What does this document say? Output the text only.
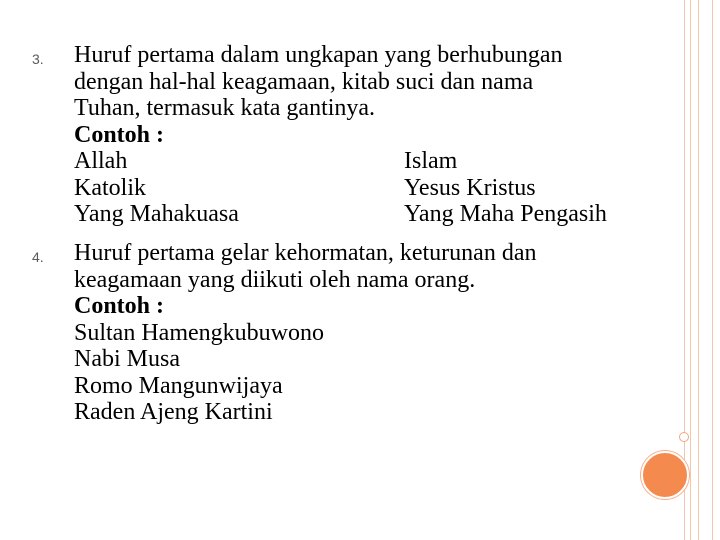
3. Huruf pertama dalam ungkapan yang berhubungan
dengan hal-hal keagamaan, kitab suci dan nama
Tuhan, termasuk kata gantinya.
Contoh :
Allah	Islam
Katolik	Yesus Kristus
Yang Mahakuasa	Yang Maha Pengasih
4. Huruf pertama gelar kehormatan, keturunan dan
keagamaan yang diikuti oleh nama orang.
Contoh :
Sultan Hamengkubuwono
Nabi Musa
Romo Mangunwijaya
Raden Ajeng Kartini
